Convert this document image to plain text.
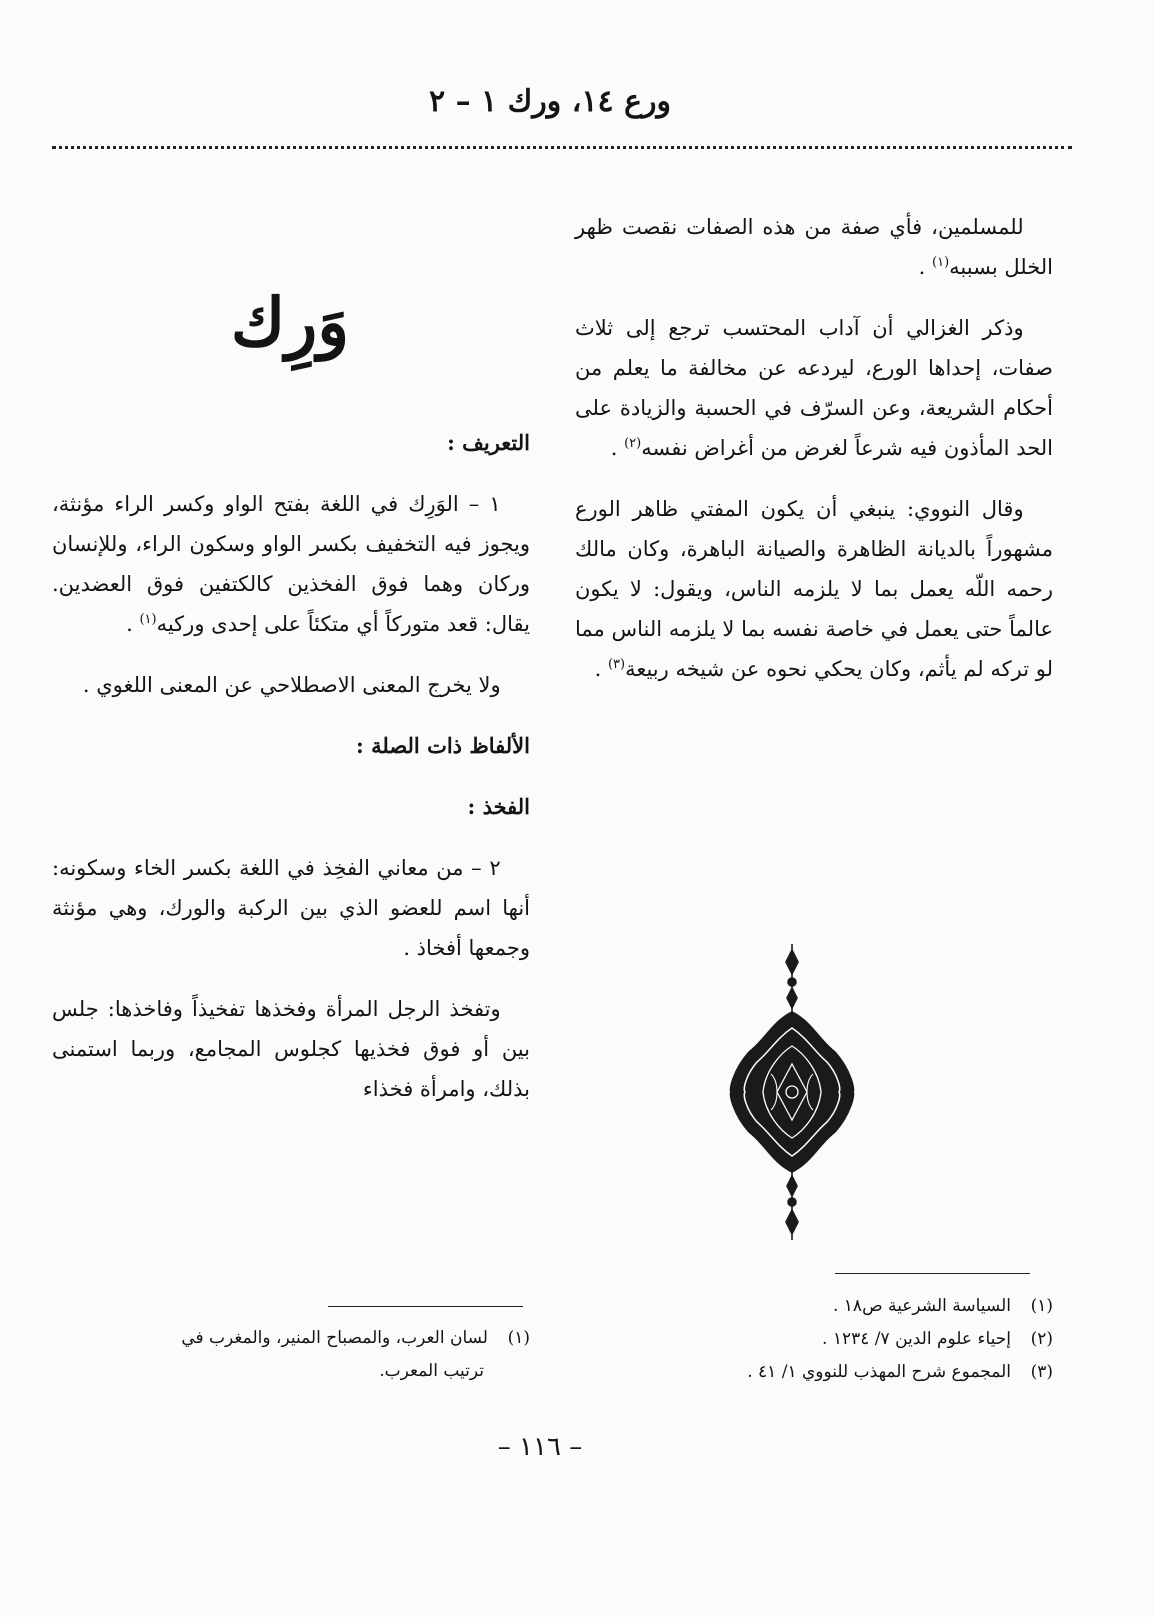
ورع ١٤، ورك ١ – ٢

للمسلمين، فأي صفة من هذه الصفات نقصت ظهر الخلل بسببه$^{(١)}$ .

وذكر الغزالي أن آداب المحتسب ترجع إلى ثلاث صفات، إحداها الورع، ليردعه عن مخالفة ما يعلم من أحكام الشريعة، وعن السرّف في الحسبة والزيادة على الحد المأذون فيه شرعاً لغرض من أغراض نفسه$^{(٢)}$ .

وقال النووي: ينبغي أن يكون المفتي ظاهر الورع مشهوراً بالديانة الظاهرة والصيانة الباهرة، وكان مالك رحمه اللّه يعمل بما لا يلزمه الناس، ويقول: لا يكون عالماً حتى يعمل في خاصة نفسه بما لا يلزمه الناس مما لو تركه لم يأثم، وكان يحكي نحوه عن شيخه ربيعة$^{(٣)}$ .

وَرِك
التعريف :

١ – الوَرِك في اللغة بفتح الواو وكسر الراء مؤنثة، ويجوز فيه التخفيف بكسر الواو وسكون الراء، وللإنسان وركان وهما فوق الفخذين كالكتفين فوق العضدين. يقال: قعد متوركاً أي متكئاً على إحدى وركيه$^{(١)}$ .

ولا يخرج المعنى الاصطلاحي عن المعنى اللغوي .

الألفاظ ذات الصلة :
الفخذ :

٢ – من معاني الفخِذ في اللغة بكسر الخاء وسكونه: أنها اسم للعضو الذي بين الركبة والورك، وهي مؤنثة وجمعها أفخاذ .

وتفخذ الرجل المرأة وفخذها تفخيذاً وفاخذها: جلس بين أو فوق فخذيها كجلوس المجامع، وربما استمنى بذلك، وامرأة فخذاء

(١)السياسة الشرعية ص١٨ .

(٢)إحياء علوم الدين ٧/ ١٢٣٤ .

(٣)المجموع شرح المهذب للنووي ١/ ٤١ .

(١)لسان العرب، والمصباح المنير، والمغرب في

ترتيب المعرب.

– ١١٦ –
